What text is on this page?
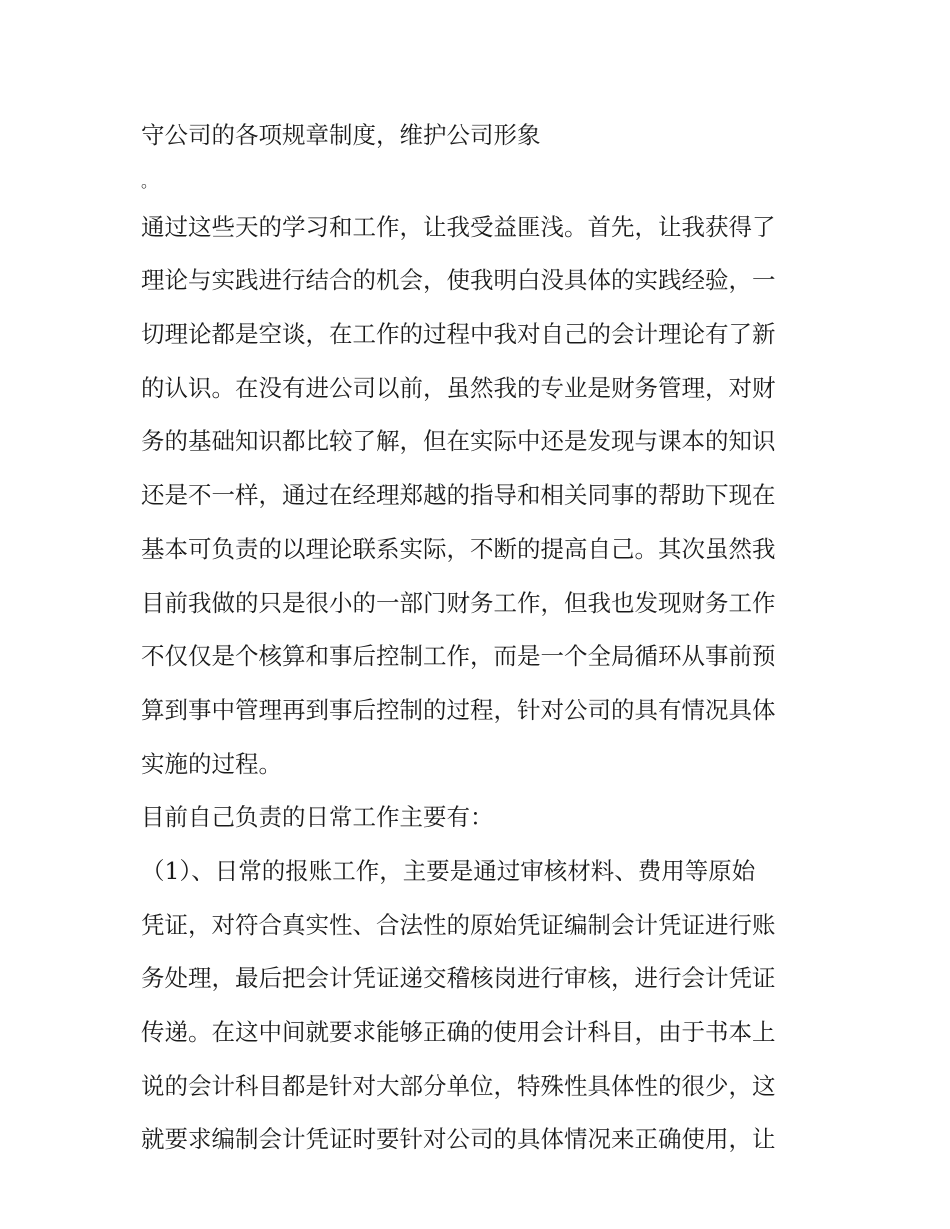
守公司的各项规章制度，维护公司形象
。
通过这些天的学习和工作，让我受益匪浅。首先，让我获得了
理论与实践进行结合的机会，使我明白没具体的实践经验，一
切理论都是空谈，在工作的过程中我对自己的会计理论有了新
的认识。在没有进公司以前，虽然我的专业是财务管理，对财
务的基础知识都比较了解，但在实际中还是发现与课本的知识
还是不一样，通过在经理郑越的指导和相关同事的帮助下现在
基本可负责的以理论联系实际，不断的提高自己。其次虽然我
目前我做的只是很小的一部门财务工作，但我也发现财务工作
不仅仅是个核算和事后控制工作，而是一个全局循环从事前预
算到事中管理再到事后控制的过程，针对公司的具有情况具体
实施的过程。
目前自己负责的日常工作主要有：
（1）、日常的报账工作，主要是通过审核材料、费用等原始
凭证，对符合真实性、合法性的原始凭证编制会计凭证进行账
务处理，最后把会计凭证递交稽核岗进行审核，进行会计凭证
传递。在这中间就要求能够正确的使用会计科目，由于书本上
说的会计科目都是针对大部分单位，特殊性具体性的很少，这
就要求编制会计凭证时要针对公司的具体情况来正确使用，让
